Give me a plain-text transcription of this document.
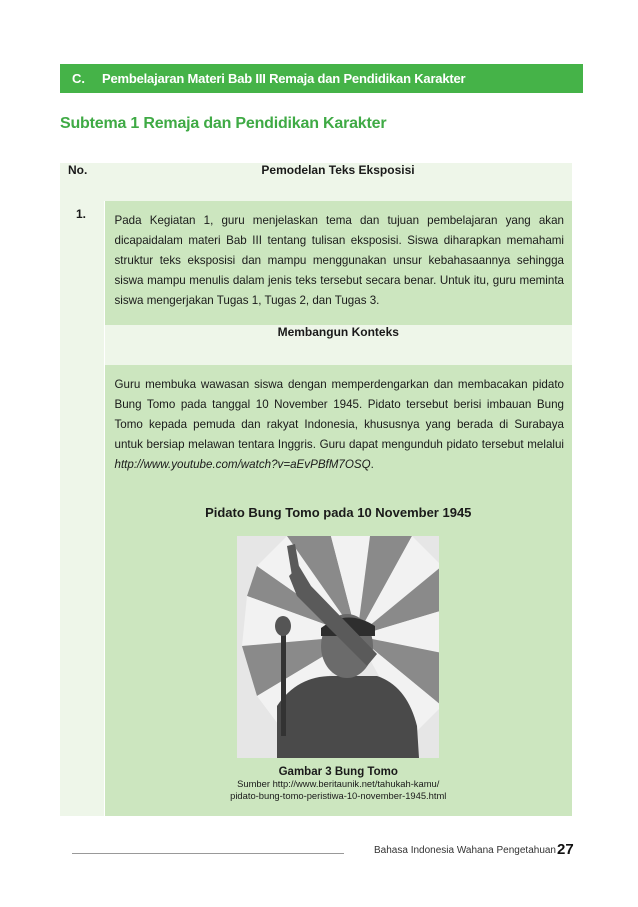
C.	Pembelajaran Materi Bab III Remaja dan Pendidikan Karakter
Subtema 1 Remaja dan Pendidikan Karakter
No.	Pemodelan Teks Eksposisi

1.	Pada Kegiatan 1, guru menjelaskan tema dan tujuan pembelajaran yang akan dicapaidalam materi Bab III tentang tulisan eksposisi. Siswa diharapkan memahami struktur teks eksposisi dan mampu menggunakan unsur kebahasaannya sehingga siswa mampu menulis dalam jenis teks tersebut secara benar. Untuk itu, guru meminta siswa mengerjakan Tugas 1, Tugas 2, dan Tugas 3.

	Membangun Konteks

	Guru membuka wawasan siswa dengan memperdengarkan dan membacakan pidato Bung Tomo pada tanggal 10 November 1945. Pidato tersebut berisi imbauan Bung Tomo kepada pemuda dan rakyat Indonesia, khususnya yang berada di Surabaya untuk bersiap melawan tentara Inggris. Guru dapat mengunduh pidato tersebut melalui http://www.youtube.com/watch?v=aEvPBfM7OSQ.

	Pidato Bung Tomo pada 10 November 1945
Gambar 3 Bung Tomo
Sumber http://www.beritaunik.net/tahukah-kamu/
pidato-bung-tomo-peristiwa-10-november-1945.html
Bahasa Indonesia Wahana Pengetahuan 27
